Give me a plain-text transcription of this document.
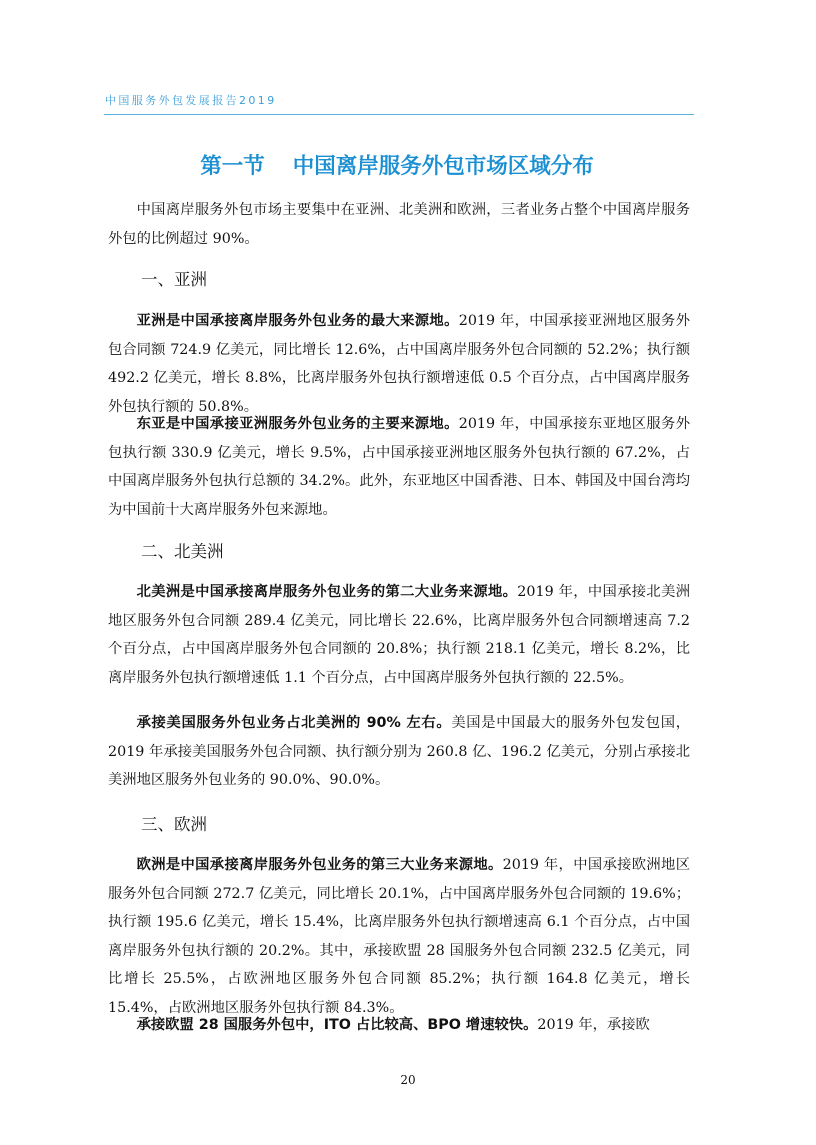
中国服务外包发展报告2019
第一节 中国离岸服务外包市场区域分布

中国离岸服务外包市场主要集中在亚洲、北美洲和欧洲，三者业务占整个中国离岸服务外包的比例超过 90%。

一、亚洲

亚洲是中国承接离岸服务外包业务的最大来源地。2019 年，中国承接亚洲地区服务外包合同额 724.9 亿美元，同比增长 12.6%，占中国离岸服务外包合同额的 52.2%；执行额 492.2 亿美元，增长 8.8%，比离岸服务外包执行额增速低 0.5 个百分点，占中国离岸服务外包执行额的 50.8%。

东亚是中国承接亚洲服务外包业务的主要来源地。2019 年，中国承接东亚地区服务外包执行额 330.9 亿美元，增长 9.5%，占中国承接亚洲地区服务外包执行额的 67.2%，占中国离岸服务外包执行总额的 34.2%。此外，东亚地区中国香港、日本、韩国及中国台湾均为中国前十大离岸服务外包来源地。

二、北美洲

北美洲是中国承接离岸服务外包业务的第二大业务来源地。2019 年，中国承接北美洲地区服务外包合同额 289.4 亿美元，同比增长 22.6%，比离岸服务外包合同额增速高 7.2 个百分点，占中国离岸服务外包合同额的 20.8%；执行额 218.1 亿美元，增长 8.2%，比离岸服务外包执行额增速低 1.1 个百分点，占中国离岸服务外包执行额的 22.5%。

承接美国服务外包业务占北美洲的 90% 左右。美国是中国最大的服务外包发包国，2019 年承接美国服务外包合同额、执行额分别为 260.8 亿、196.2 亿美元，分别占承接北美洲地区服务外包业务的 90.0%、90.0%。

三、欧洲

欧洲是中国承接离岸服务外包业务的第三大业务来源地。2019 年，中国承接欧洲地区服务外包合同额 272.7 亿美元，同比增长 20.1%，占中国离岸服务外包合同额的 19.6%；执行额 195.6 亿美元，增长 15.4%，比离岸服务外包执行额增速高 6.1 个百分点，占中国离岸服务外包执行额的 20.2%。其中，承接欧盟 28 国服务外包合同额 232.5 亿美元，同比增长 25.5%，占欧洲地区服务外包合同额 85.2%；执行额 164.8 亿美元，增长 15.4%，占欧洲地区服务外包执行额 84.3%。

承接欧盟 28 国服务外包中，ITO 占比较高、BPO 增速较快。2019 年，承接欧

20
